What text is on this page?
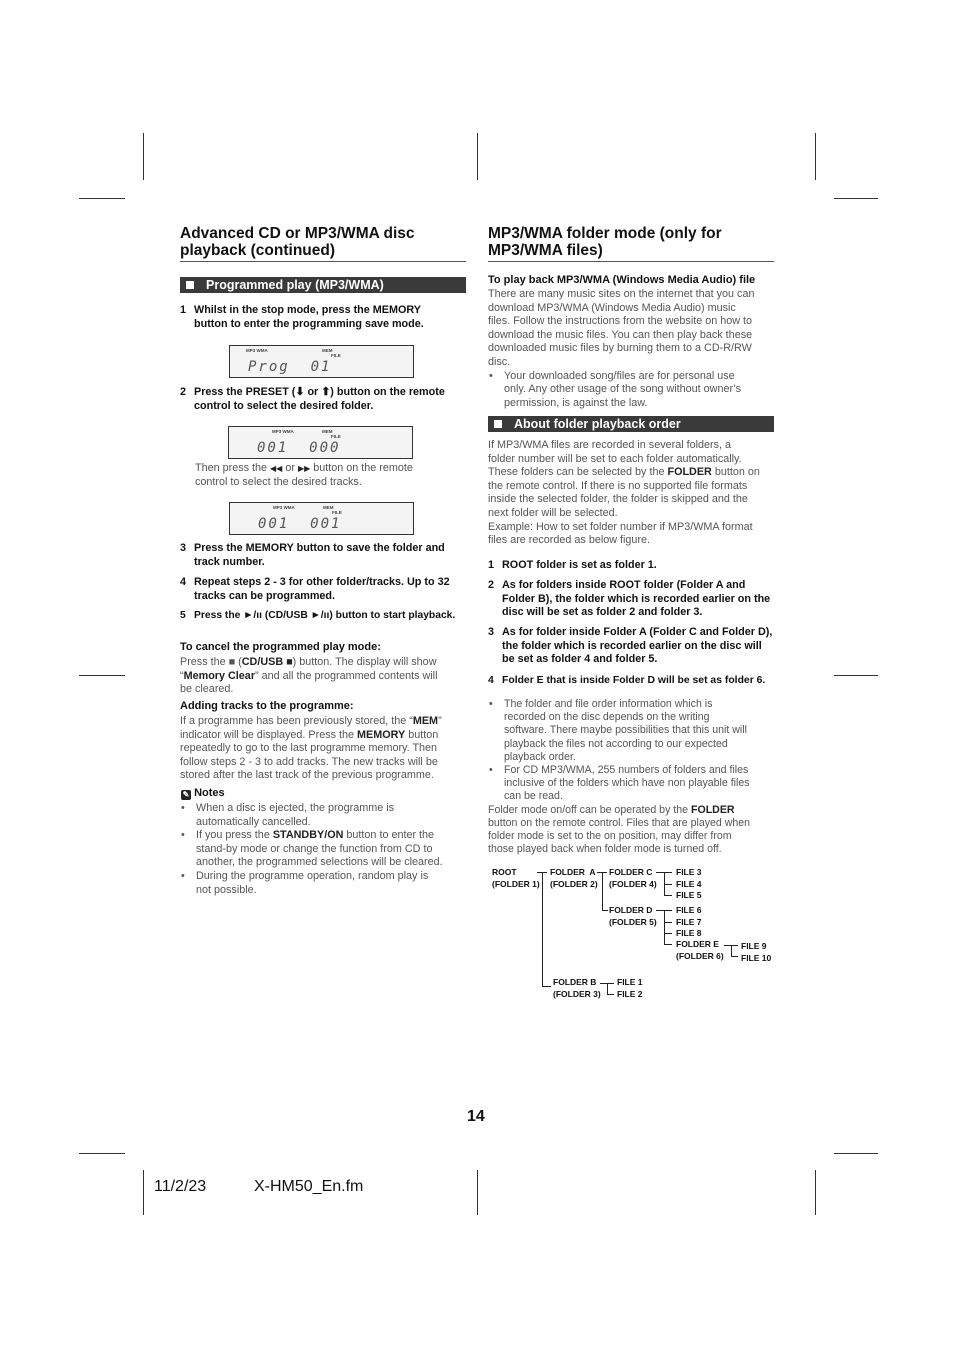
Advanced CD or MP3/WMA disc
playback (continued)
Programmed play (MP3/WMA)
1 Whilst in the stop mode, press the MEMORY
button to enter the programming save mode.
MP3 WMA	MEM
FILE
Prog  01
2 Press the PRESET (⬇ or ⬆) button on the remote
control to select the desired folder.
MP3 WMA	MEM
FILE
001  000
Then press the ◀◀ or ▶▶ button on the remote
control to select the desired tracks.
MP3 WMA	MEM
FILE
001  001
3 Press the MEMORY button to save the folder and
track number.
4 Repeat steps 2 - 3 for other folder/tracks. Up to 32
tracks can be programmed.
5 Press the ►/ıı (CD/USB ►/ıı) button to start playback.
To cancel the programmed play mode:
Press the ■ (CD/USB ■) button. The display will show
“Memory Clear” and all the programmed contents will
be cleared.
Adding tracks to the programme:
If a programme has been previously stored, the “MEM”
indicator will be displayed. Press the MEMORY button
repeatedly to go to the last programme memory. Then
follow steps 2 - 3 to add tracks. The new tracks will be
stored after the last track of the previous programme.
✎ Notes
• When a disc is ejected, the programme is
automatically cancelled.
• If you press the STANDBY/ON button to enter the
stand-by mode or change the function from CD to
another, the programmed selections will be cleared.
• During the programme operation, random play is
not possible.
MP3/WMA folder mode (only for
MP3/WMA files)
To play back MP3/WMA (Windows Media Audio) file
There are many music sites on the internet that you can
download MP3/WMA (Windows Media Audio) music
files. Follow the instructions from the website on how to
download the music files. You can then play back these
downloaded music files by burning them to a CD-R/RW
disc.
• Your downloaded song/files are for personal use
only. Any other usage of the song without owner’s
permission, is against the law.
About folder playback order
If MP3/WMA files are recorded in several folders, a
folder number will be set to each folder automatically.
These folders can be selected by the FOLDER button on
the remote control. If there is no supported file formats
inside the selected folder, the folder is skipped and the
next folder will be selected.
Example: How to set folder number if MP3/WMA format
files are recorded as below figure.
1 ROOT folder is set as folder 1.
2 As for folders inside ROOT folder (Folder A and
Folder B), the folder which is recorded earlier on the
disc will be set as folder 2 and folder 3.
3 As for folder inside Folder A (Folder C and Folder D),
the folder which is recorded earlier on the disc will
be set as folder 4 and folder 5.
4 Folder E that is inside Folder D will be set as folder 6.
• The folder and file order information which is
recorded on the disc depends on the writing
software. There maybe possibilities that this unit will
playback the files not according to our expected
playback order.
• For CD MP3/WMA, 255 numbers of folders and files
inclusive of the folders which have non playable files
can be read.
Folder mode on/off can be operated by the FOLDER
button on the remote control. Files that are played when
folder mode is set to the on position, may differ from
those played back when folder mode is turned off.
ROOT
(FOLDER 1)
FOLDER  A
(FOLDER 2)
FOLDER B
(FOLDER 3)
FOLDER C
(FOLDER 4)
FOLDER D
(FOLDER 5)
FOLDER E
(FOLDER 6)
FILE 3
FILE 4
FILE 5
FILE 6
FILE 7
FILE 8
FILE 9
FILE 10
FILE 1
FILE 2
14
11/2/23	X-HM50_En.fm
